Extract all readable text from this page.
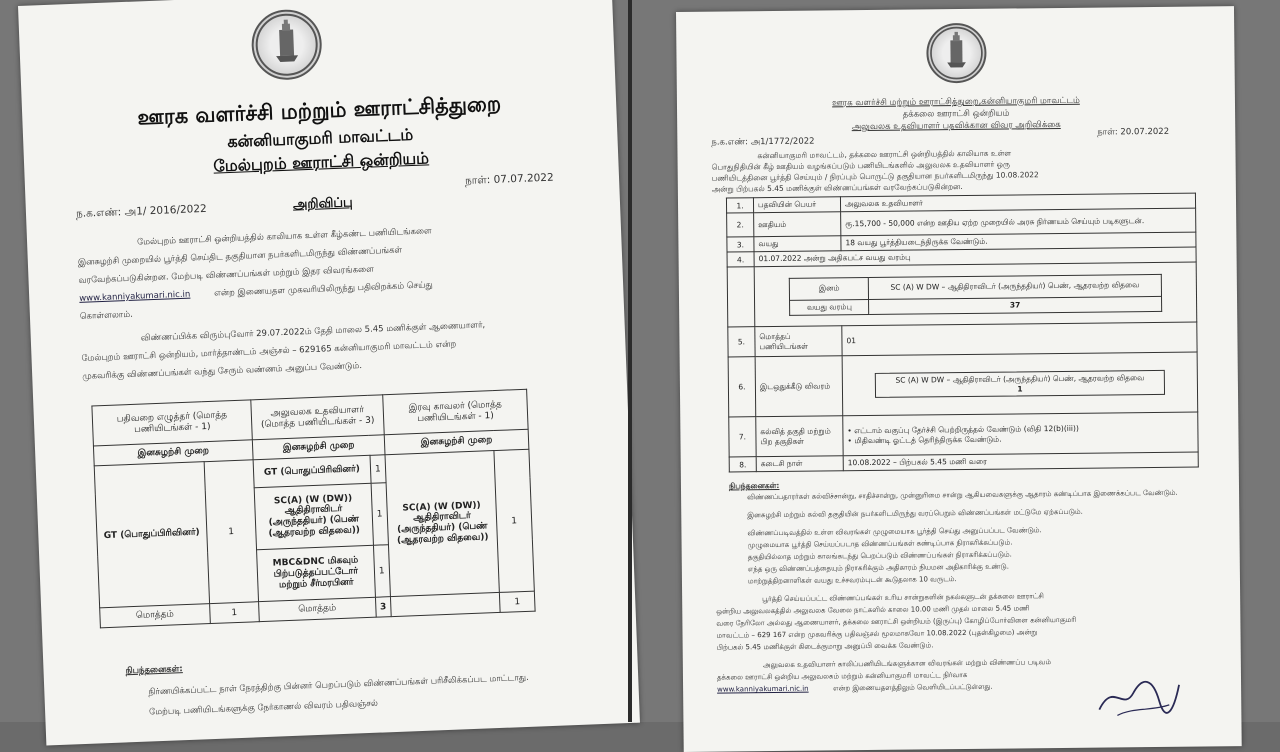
ஊரக வளர்ச்சி மற்றும் ஊராட்சித்துறை
கன்னியாகுமரி மாவட்டம்
மேல்புறம் ஊராட்சி ஒன்றியம்
நாள்: 07.07.2022
ந.க.எண்: அ1/ 2016/2022	அறிவிப்பு
மேல்புறம் ஊராட்சி ஒன்றியத்தில் காலியாக உள்ள கீழ்கண்ட பணியிடங்களை
இனசுழற்சி முறையில் பூர்த்தி செய்திட தகுதியான நபர்களிடமிருந்து விண்ணப்பங்கள்
வரவேற்கப்படுகின்றன. மேற்படி விண்ணப்பங்கள் மற்றும் இதர விவரங்களை
www.kanniyakumari.nic.in	என்ற இணையதள முகவரியிலிருந்து பதிவிறக்கம் செய்து
கொள்ளலாம்.
விண்ணப்பிக்க விரும்புவோர் 29.07.2022ம் தேதி மாலை 5.45 மணிக்குள் ஆணையாளர்,
மேல்புறம் ஊராட்சி ஒன்றியம், மார்த்தாண்டம் அஞ்சல் – 629165 கன்னியாகுமரி மாவட்டம் என்ற
முகவரிக்கு விண்ணப்பங்கள் வந்து சேரும் வண்ணம் அனுப்ப வேண்டும்.
பதிவறை எழுத்தர் (மொத்த பணியிடங்கள் - 1)		அலுவலக உதவியாளர் (மொத்த பணியிடங்கள் - 3)		இரவு காவலர் (மொத்த பணியிடங்கள் - 1)	
இனசுழற்சி முறை		இனசுழற்சி முறை		இனசுழற்சி முறை	
GT (பொதுப்பிரிவினர்)	1	GT (பொதுப்பிரிவினர்)	1	SC(A) (W (DW)) ஆதிதிராவிடர் (அருந்ததியர்) (பெண் (ஆதரவற்ற விதவை))	1
		SC(A) (W (DW)) ஆதிதிராவிடர் (அருந்ததியர்) (பெண் (ஆதரவற்ற விதவை))	1		
		MBC&DNC மிகவும் பிற்படுத்தப்பட்டோர் மற்றும் சீர்மரபினர்	1		
மொத்தம்	1	மொத்தம்	3		1
நிபந்தனைகள்:
நிர்ணயிக்கப்பட்ட நாள் நேரத்திற்கு பின்னர் பெறப்படும் விண்ணப்பங்கள் பரிசீலிக்கப்பட மாட்டாது.
மேற்படி பணியிடங்களுக்கு நேர்காணல் விவரம் பதிவஞ்சல்
ஊரக வளர்ச்சி மற்றும் ஊராட்சித்துறை,கன்னியாகுமரி மாவட்டம்
தக்கலை ஊராட்சி ஒன்றியம்
அலுவலக உதவியாளர் பதவிக்கான விவர அறிவிக்கை
ந.க.எண்: அ1/1772/2022
நாள்: 20.07.2022
கன்னியாகுமரி மாவட்டம், தக்கலை ஊராட்சி ஒன்றியத்தில் காலியாக உள்ள
பொதுநிதியின் கீழ் ஊதியம் வழங்கப்படும் பணியிடங்களில் அலுவலக உதவியாளர் ஒரு
பணியிடத்தினை பூர்த்தி செய்யும் / நிரப்பும் பொருட்டு தகுதியான நபர்களிடமிருந்து 10.08.2022
அன்று பிற்பகல் 5.45 மணிக்குள் விண்ணப்பங்கள் வரவேற்கப்படுகின்றன.
1.	பதவியின் பெயர்	அலுவலக உதவியாளர்
2.	ஊதியம்	ரூ.15,700 - 50,000 என்ற ஊதிய ஏற்ற முறையில் அரசு நிர்ணயம் செய்யும் படிகளுடன்.
3.	வயது	18 வயது பூர்த்தியடைந்திருக்க வேண்டும்.
4.	01.07.2022 அன்று அதிகபட்ச வயது வரம்பு

இனம்	SC (A) W DW – ஆதிதிராவிடர் (அருந்ததியர்) பெண், ஆதரவற்ற விதவை
வயது வரம்பு	37

5.	மொத்தப் பணியிடங்கள்	01
6.	இடஒதுக்கீடு விவரம்	
SC (A) W DW – ஆதிதிராவிடர் (அருந்ததியர்) பெண், ஆதரவற்ற விதவை
1

7.	கல்வித் தகுதி மற்றும் பிற தகுதிகள்	
• எட்டாம் வகுப்பு தேர்ச்சி பெற்றிருத்தல் வேண்டும் (விதி 12(b)(iii))
• மிதிவண்டி ஓட்டத் தெரிந்திருக்க வேண்டும்.

8.	கடைசி நாள்	10.08.2022 – பிற்பகல் 5.45 மணி வரை
நிபந்தனைகள்:
விண்ணப்பதாரர்கள் கல்விச்சான்று, சாதிச்சான்று, முன்னுரிமை சான்று ஆகியவைகளுக்கு ஆதாரம் கண்டிப்பாக இணைக்கப்பட வேண்டும்.
இனசுழற்சி மற்றும் கல்வி தகுதியின் நபர்களிடமிருந்து வரப்பெறும் விண்ணப்பங்கள் மட்டுமே ஏற்கப்படும்.
விண்ணப்படிவத்தில் உள்ள விவரங்கள் முழுமையாக பூர்த்தி செய்து அனுப்பப்பட வேண்டும்.
முழுமையாக பூர்த்தி செய்யப்படாத விண்ணப்பங்கள் கண்டிப்பாக நிராகரிக்கப்படும்.
தகுதியில்லாத மற்றும் காலங்கடந்து பெறப்படும் விண்ணப்பங்கள் நிராகரிக்கப்படும்.
எந்த ஒரு விண்ணப்பத்தையும் நிராகரிக்கும் அதிகாரம் நியமன அதிகாரிக்கு உண்டு.
மாற்றுத்திறனாளிகள் வயது உச்சவரம்புடன் கூடுதலாக 10 வருடம்.
பூர்த்தி செய்யப்பட்ட விண்ணப்பங்கள் உரிய சான்றுகளின் நகல்களுடன் தக்கலை ஊராட்சி
ஒன்றிய அலுவலகத்தில் அலுவலக வேலை நாட்களில் காலை 10.00 மணி முதல் மாலை 5.45 மணி
வரை நேரிலோ அல்லது ஆணையாளர், தக்கலை ஊராட்சி ஒன்றியம் (இருப்பு) கோழிப்போர்விளை கன்னியாகுமரி
மாவட்டம் – 629 167 என்ற முகவரிக்கு பதிவஞ்சல் மூலமாகவோ 10.08.2022 (புதன்கிழமை) அன்று
பிற்பகல் 5.45 மணிக்குள் கிடைக்குமாறு அனுப்பி வைக்க வேண்டும்.
அலுவலக உதவியாளர் காலிப்பணியிடங்களுக்கான விவரங்கள் மற்றும் விண்ணப்ப படிவம்
தக்கலை ஊராட்சி ஒன்றிய அலுவலகம் மற்றும் கன்னியாகுமரி மாவட்ட நிர்வாக
www.kanniyakumari.nic.in	என்ற இணையதளத்திலும் வெளியிடப்பட்டுள்ளது.
